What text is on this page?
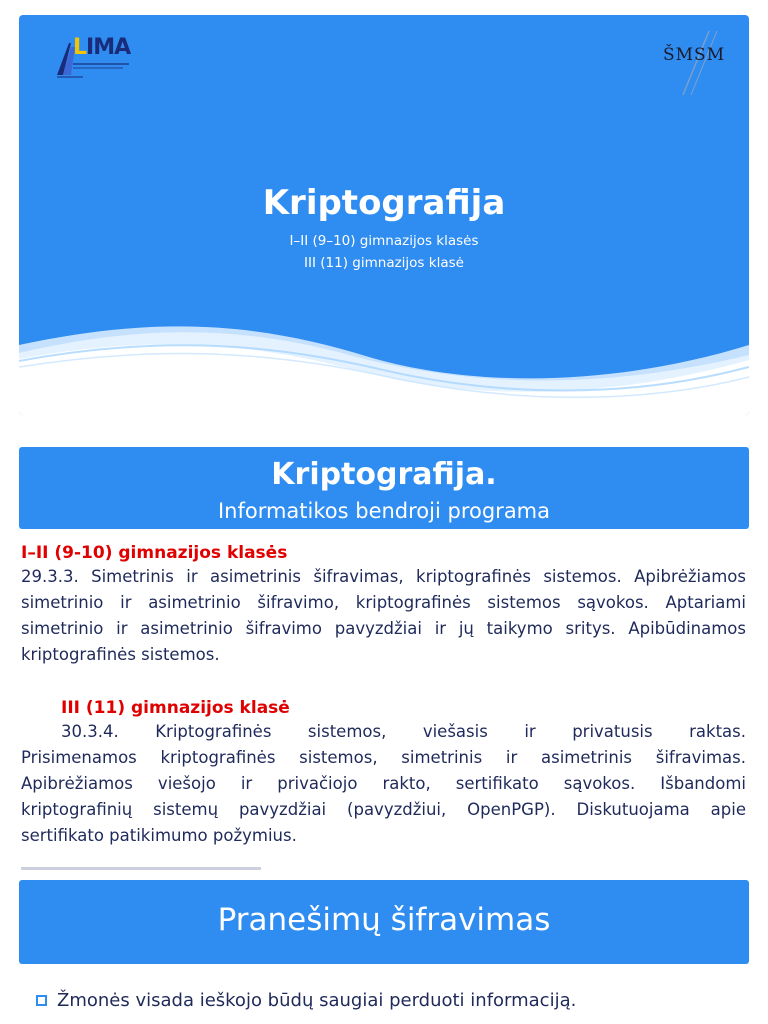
LIMA	ŠMSM
Kriptografija
I–II (9–10) gimnazijos klasės
III (11) gimnazijos klasė
Kriptografija.
Informatikos bendroji programa

I–II (9-10) gimnazijos klasės

29.3.3. Simetrinis ir asimetrinis šifravimas, kriptografinės sistemos. Apibrėžiamos
simetrinio ir asimetrinio šifravimo, kriptografinės sistemos sąvokos. Aptariami
simetrinio ir asimetrinio šifravimo pavyzdžiai ir jų taikymo sritys. Apibūdinamos
kriptografinės sistemos.

III (11) gimnazijos klasė

30.3.4. Kriptografinės sistemos, viešasis ir privatusis raktas.
Prisimenamos kriptografinės sistemos, simetrinis ir asimetrinis šifravimas.
Apibrėžiamos viešojo ir privačiojo rakto, sertifikato sąvokos. Išbandomi
kriptografinių sistemų pavyzdžiai (pavyzdžiui, OpenPGP). Diskutuojama apie
sertifikato patikimumo požymius.

Pranešimų šifravimas
Žmonės visada ieškojo būdų saugiai perduoti informaciją.
